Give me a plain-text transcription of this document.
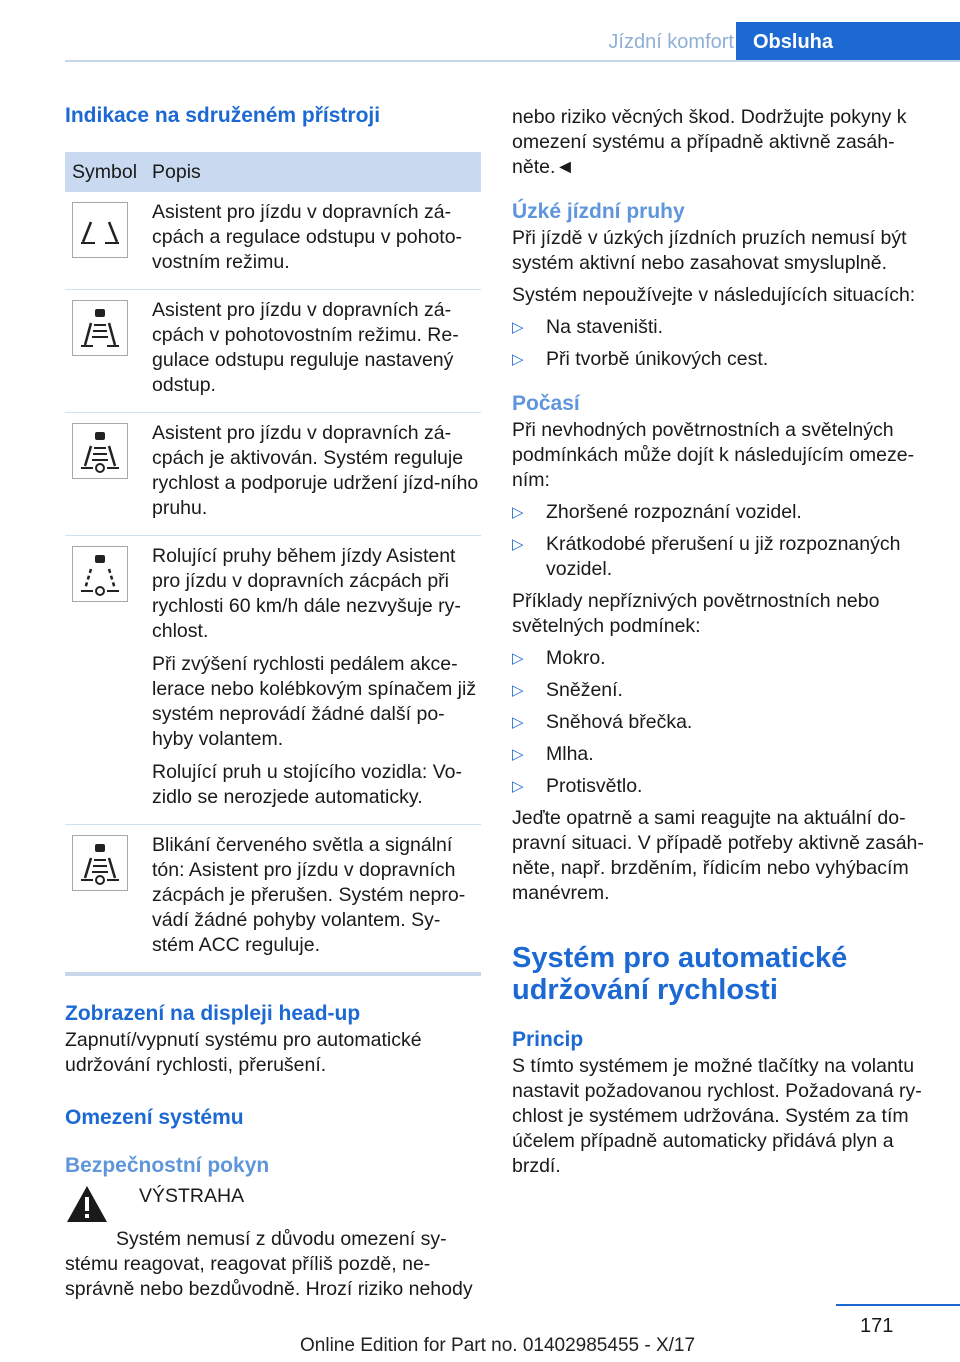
Jízdní komfort Obsluha
Indikace na sdruženém přístroji
Symbol Popis
Asistent pro jízdu v dopravních zá-cpách a regulace odstupu v pohoto-vostním režimu.
Asistent pro jízdu v dopravních zá-cpách v pohotovostním režimu. Re-gulace odstupu reguluje nastavený odstup.
Asistent pro jízdu v dopravních zá-cpách je aktivován. Systém reguluje rychlost a podporuje udržení jízd-ního pruhu.
Rolující pruhy během jízdy Asistent pro jízdu v dopravních zácpách při rychlosti 60 km/h dále nezvyšuje ry-chlost.
Při zvýšení rychlosti pedálem akce-lerace nebo kolébkovým spínačem již systém neprovádí žádné další po-hyby volantem.
Rolující pruh u stojícího vozidla: Vo-zidlo se nerozjede automaticky.
Blikání červeného světla a signální tón: Asistent pro jízdu v dopravních zácpách je přerušen. Systém nepro-vádí žádné pohyby volantem. Sy-stém ACC reguluje.
Zobrazení na displeji head-up
Zapnutí/vypnutí systému pro automatické udržování rychlosti, přerušení.
Omezení systému
Bezpečnostní pokyn
VÝSTRAHA
Systém nemusí z důvodu omezení sy-stému reagovat, reagovat příliš pozdě, ne-správně nebo bezdůvodně. Hrozí riziko nehody
nebo riziko věcných škod. Dodržujte pokyny k omezení systému a případně aktivně zasáh-něte.◄
Úzké jízdní pruhy
Při jízdě v úzkých jízdních pruzích nemusí být systém aktivní nebo zasahovat smysluplně.
Systém nepoužívejte v následujících situacích:
▷ Na staveništi.
▷ Při tvorbě únikových cest.
Počasí
Při nevhodných povětrnostních a světelných podmínkách může dojít k následujícím omeze-ním:
▷ Zhoršené rozpoznání vozidel.
▷ Krátkodobé přerušení u již rozpoznaných vozidel.
Příklady nepříznivých povětrnostních nebo světelných podmínek:
▷ Mokro.
▷ Sněžení.
▷ Sněhová břečka.
▷ Mlha.
▷ Protisvětlo.
Jeďte opatrně a sami reagujte na aktuální do-pravní situaci. V případě potřeby aktivně zasáh-něte, např. brzděním, řídicím nebo vyhýbacím manévrem.
Systém pro automatické udržování rychlosti
Princip
S tímto systémem je možné tlačítky na volantu nastavit požadovanou rychlost. Požadovaná ry-chlost je systémem udržována. Systém za tím účelem případně automaticky přidává plyn a brzdí.
171
Online Edition for Part no. 01402985455 - X/17
